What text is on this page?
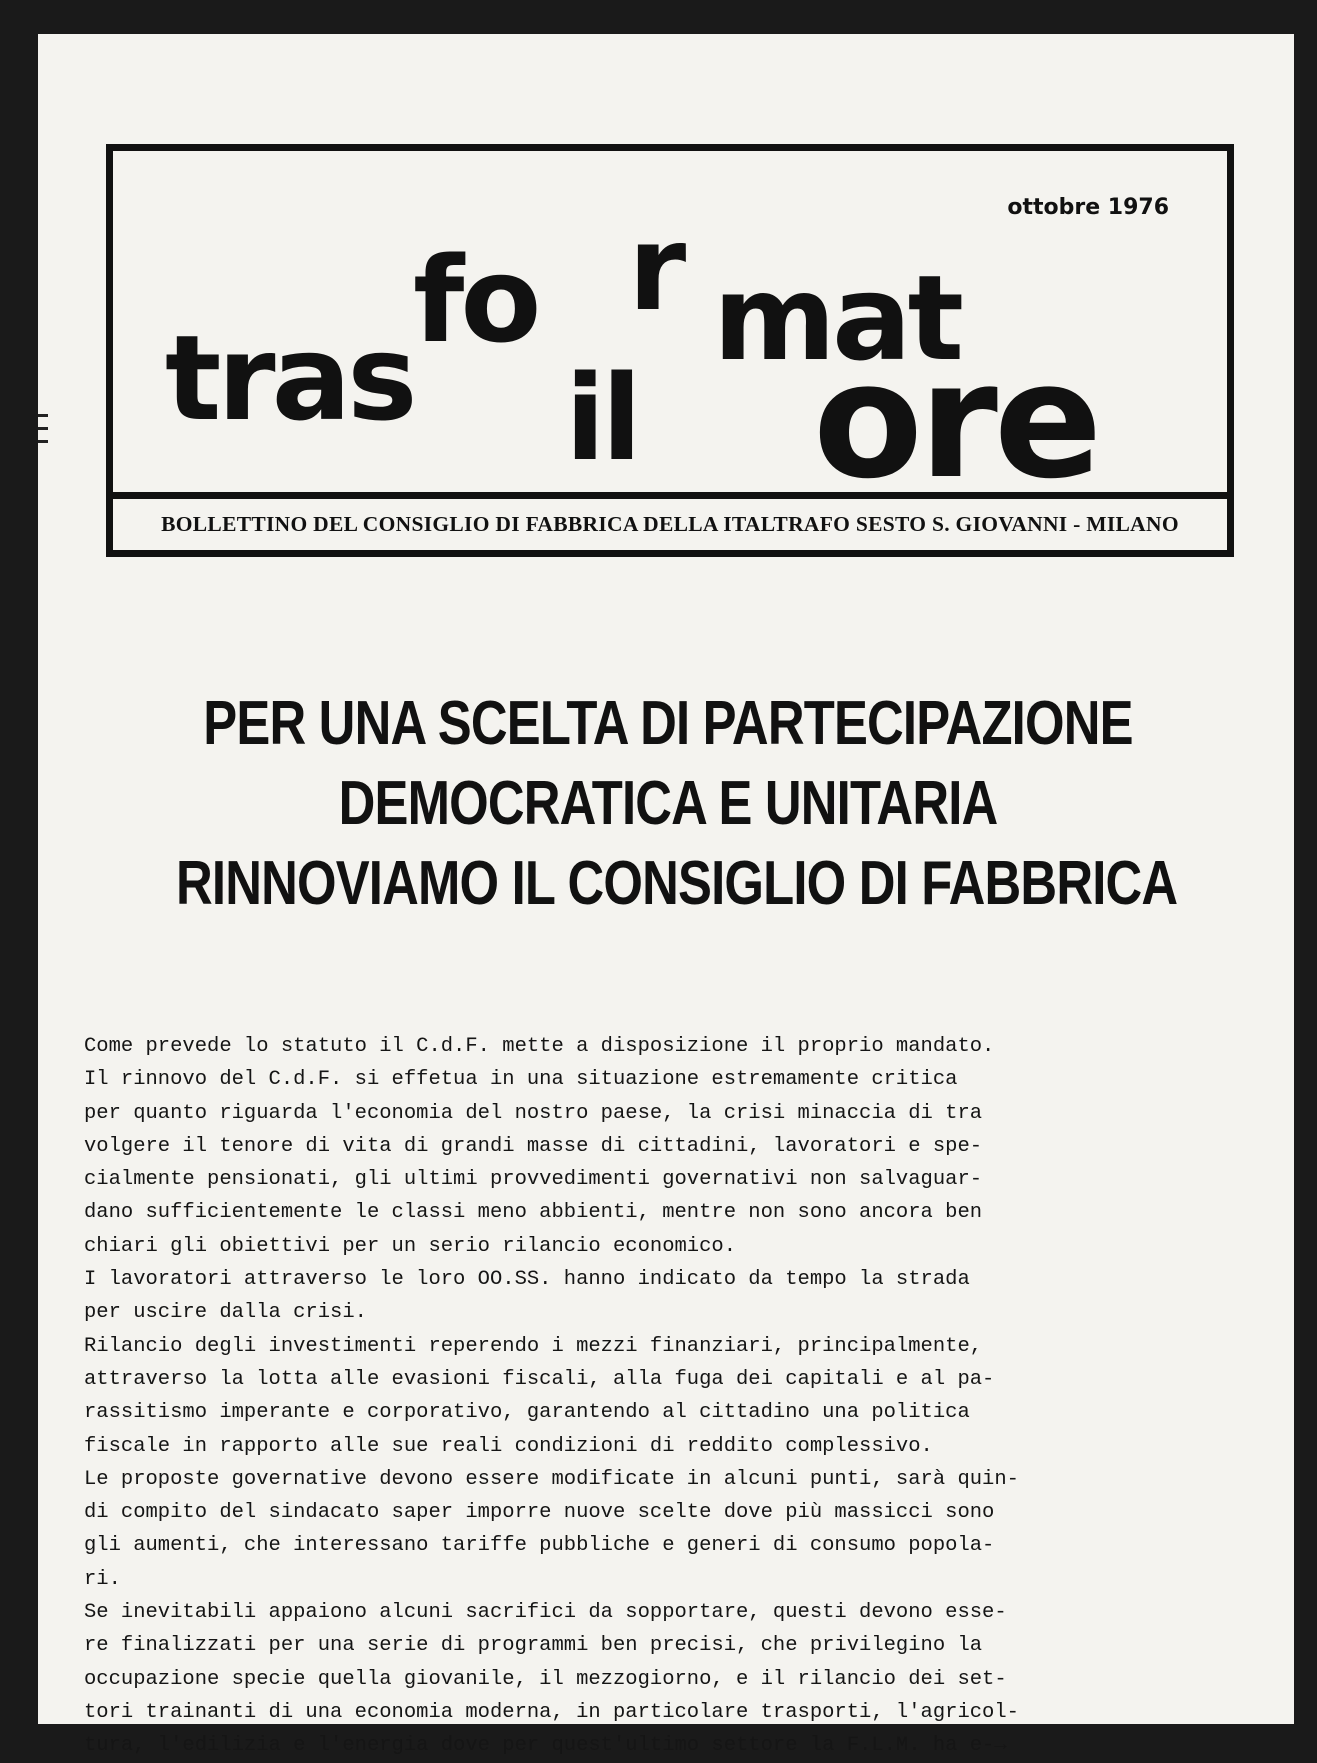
ottobre 1976
tras
fo r mat
il ore
BOLLETTINO DEL CONSIGLIO DI FABBRICA DELLA ITALTRAFO SESTO S. GIOVANNI - MILANO
PER UNA SCELTA DI PARTECIPAZIONE
DEMOCRATICA E UNITARIA
RINNOVIAMO IL CONSIGLIO DI FABBRICA
Come prevede lo statuto il C.d.F. mette a disposizione il proprio mandato.
Il rinnovo del C.d.F. si effetua in una situazione estremamente critica
per quanto riguarda l'economia del nostro paese, la crisi minaccia di tra
volgere il tenore di vita di grandi masse di cittadini, lavoratori e spe-
cialmente pensionati, gli ultimi provvedimenti governativi non salvaguar-
dano sufficientemente le classi meno abbienti, mentre non sono ancora ben
chiari gli obiettivi per un serio rilancio economico.
I lavoratori attraverso le loro OO.SS. hanno indicato da tempo la strada
per uscire dalla crisi.
Rilancio degli investimenti reperendo i mezzi finanziari, principalmente,
attraverso la lotta alle evasioni fiscali, alla fuga dei capitali e al pa-
rassitismo imperante e corporativo, garantendo al cittadino una politica
fiscale in rapporto alle sue reali condizioni di reddito complessivo.
Le proposte governative devono essere modificate in alcuni punti, sarà quin-
di compito del sindacato saper imporre nuove scelte dove più massicci sono
gli aumenti, che interessano tariffe pubbliche e generi di consumo popola-
ri.
Se inevitabili appaiono alcuni sacrifici da sopportare, questi devono esse-
re finalizzati per una serie di programmi ben precisi, che privilegino la
occupazione specie quella giovanile, il mezzogiorno, e il rilancio dei set-
tori trainanti di una economia moderna, in particolare trasporti, l'agricol-
tura, l'edilizia e l'energia dove per quest'ultimo settore la F.L.M. ha e-→
